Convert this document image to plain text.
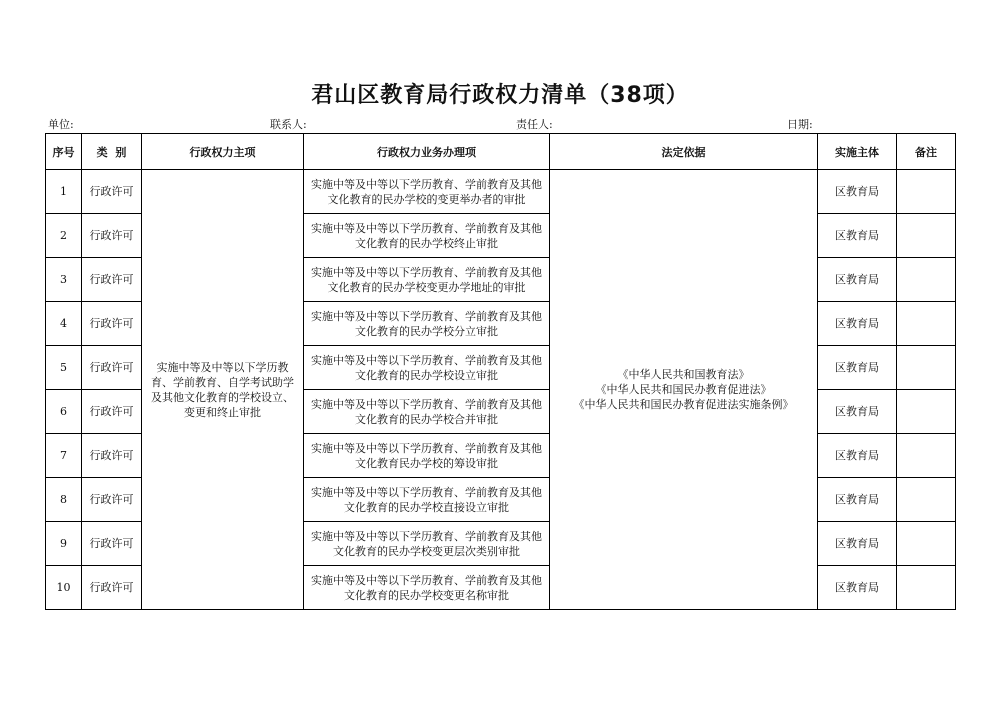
君山区教育局行政权力清单（38项）
单位:	联系人:	责任人:	日期:
序号	类  别	行政权力主项	行政权力业务办理项	法定依据	实施主体	备注
1	行政许可	实施中等及中等以下学历教育、学前教育、自学考试助学及其他文化教育的学校设立、变更和终止审批	实施中等及中等以下学历教育、学前教育及其他文化教育的民办学校的变更举办者的审批	《中华人民共和国教育法》
《中华人民共和国民办教育促进法》
《中华人民共和国民办教育促进法实施条例》	区教育局	
2	行政许可		实施中等及中等以下学历教育、学前教育及其他文化教育的民办学校终止审批		区教育局	
3	行政许可		实施中等及中等以下学历教育、学前教育及其他文化教育的民办学校变更办学地址的审批		区教育局	
4	行政许可		实施中等及中等以下学历教育、学前教育及其他文化教育的民办学校分立审批		区教育局	
5	行政许可		实施中等及中等以下学历教育、学前教育及其他文化教育的民办学校设立审批		区教育局	
6	行政许可		实施中等及中等以下学历教育、学前教育及其他文化教育的民办学校合并审批		区教育局	
7	行政许可		实施中等及中等以下学历教育、学前教育及其他文化教育民办学校的筹设审批		区教育局	
8	行政许可		实施中等及中等以下学历教育、学前教育及其他文化教育的民办学校直接设立审批		区教育局	
9	行政许可		实施中等及中等以下学历教育、学前教育及其他文化教育的民办学校变更层次类别审批		区教育局	
10	行政许可		实施中等及中等以下学历教育、学前教育及其他文化教育的民办学校变更名称审批		区教育局	
